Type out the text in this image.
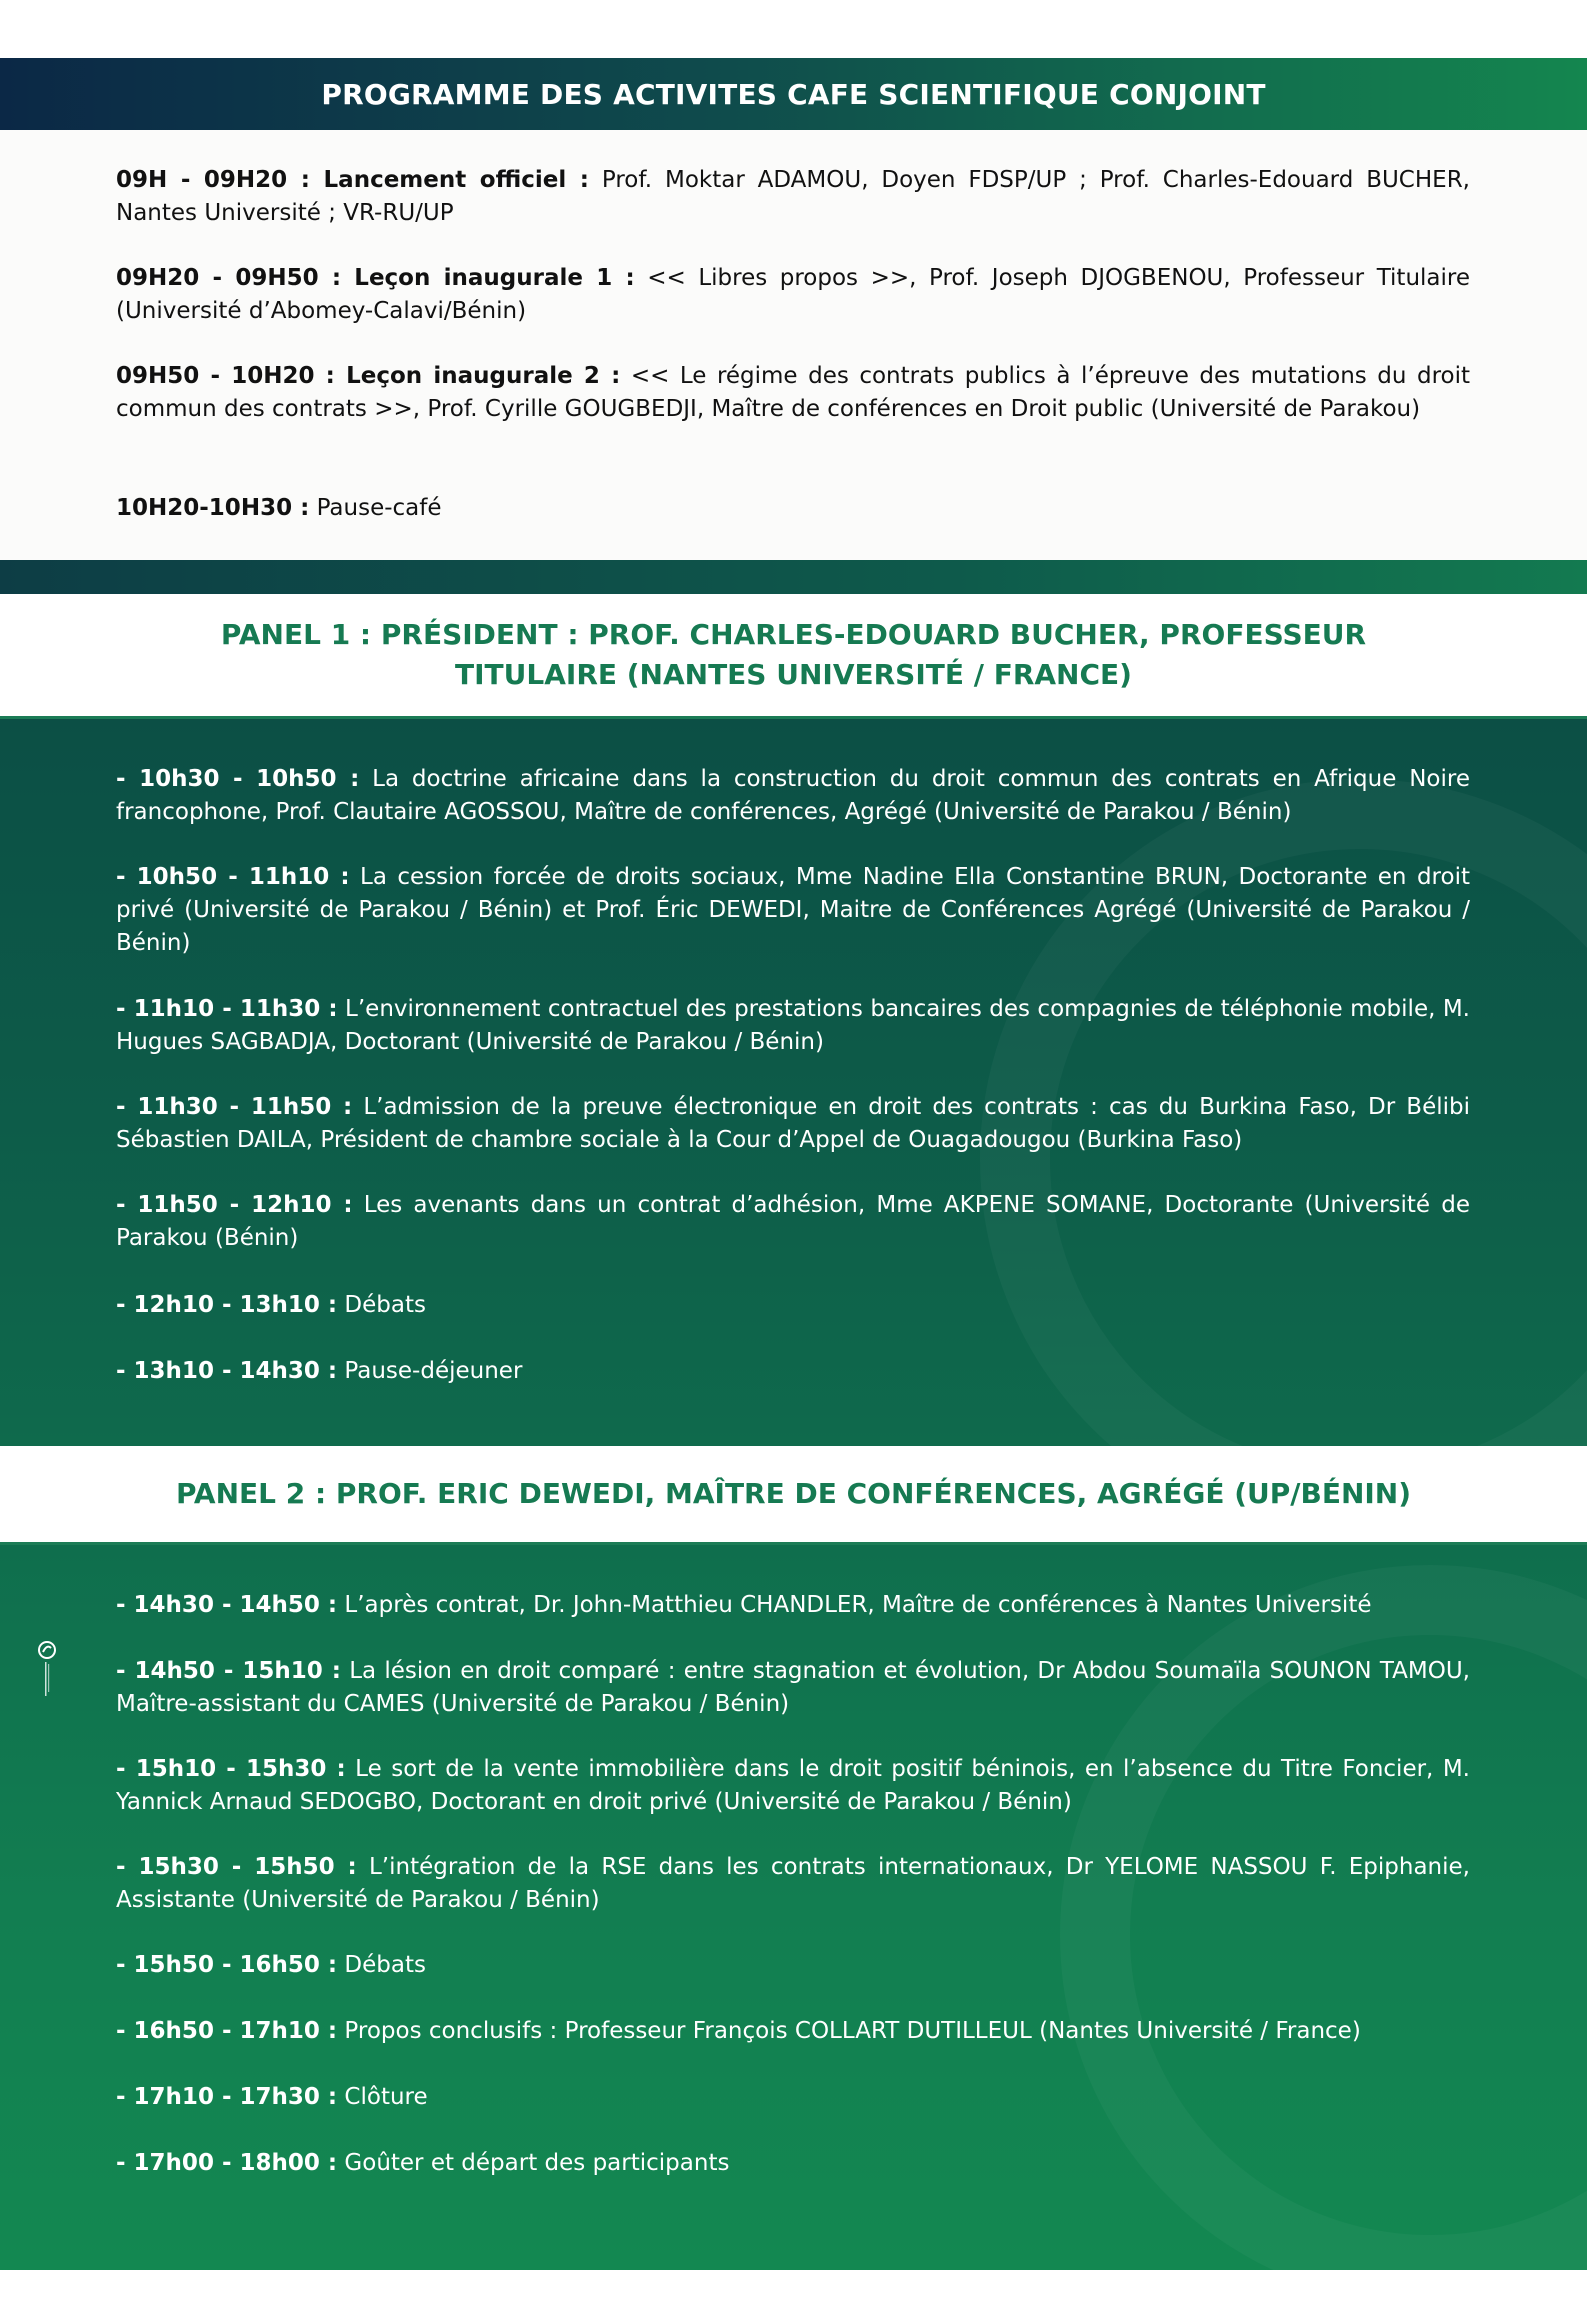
PROGRAMME DES ACTIVITES CAFE SCIENTIFIQUE CONJOINT
09H - 09H20 : Lancement officiel : Prof. Moktar ADAMOU, Doyen FDSP/UP ; Prof. Charles-Edouard BUCHER, Nantes Université ; VR-RU/UP
09H20 - 09H50 : Leçon inaugurale 1 : << Libres propos >>, Prof. Joseph DJOGBENOU, Professeur Titulaire (Université d’Abomey-Calavi/Bénin)
09H50 - 10H20 : Leçon inaugurale 2 : << Le régime des contrats publics à l’épreuve des mutations du droit commun des contrats >>, Prof. Cyrille GOUGBEDJI, Maître de conférences en Droit public (Université de Parakou)
10H20-10H30 : Pause-café
PANEL 1 : PRÉSIDENT : PROF. CHARLES-EDOUARD BUCHER, PROFESSEUR
TITULAIRE (NANTES UNIVERSITÉ / FRANCE)
- 10h30 - 10h50 : La doctrine africaine dans la construction du droit commun des contrats en Afrique Noire francophone, Prof. Clautaire AGOSSOU, Maître de conférences, Agrégé (Université de Parakou / Bénin)
- 10h50 - 11h10 : La cession forcée de droits sociaux, Mme Nadine Ella Constantine BRUN, Doctorante en droit privé (Université de Parakou / Bénin) et Prof. Éric DEWEDI, Maitre de Conférences Agrégé (Université de Parakou / Bénin)
- 11h10 - 11h30 : L’environnement contractuel des prestations bancaires des compagnies de téléphonie mobile, M. Hugues SAGBADJA, Doctorant (Université de Parakou / Bénin)
- 11h30 - 11h50 : L’admission de la preuve électronique en droit des contrats : cas du Burkina Faso, Dr Bélibi Sébastien DAILA, Président de chambre sociale à la Cour d’Appel de Ouagadougou (Burkina Faso)
- 11h50 - 12h10 : Les avenants dans un contrat d’adhésion, Mme AKPENE SOMANE, Doctorante (Université de Parakou (Bénin)
- 12h10 - 13h10 : Débats
- 13h10 - 14h30 : Pause-déjeuner
PANEL 2 : PROF. ERIC DEWEDI, MAÎTRE DE CONFÉRENCES, AGRÉGÉ (UP/BÉNIN)
- 14h30 - 14h50 : L’après contrat, Dr. John-Matthieu CHANDLER, Maître de conférences à Nantes Université
- 14h50 - 15h10 : La lésion en droit comparé : entre stagnation et évolution, Dr Abdou Soumaïla SOUNON TAMOU, Maître-assistant du CAMES (Université de Parakou / Bénin)
- 15h10 - 15h30 : Le sort de la vente immobilière dans le droit positif béninois, en l’absence du Titre Foncier, M. Yannick Arnaud SEDOGBO, Doctorant en droit privé (Université de Parakou / Bénin)
- 15h30 - 15h50 : L’intégration de la RSE dans les contrats internationaux, Dr YELOME NASSOU F. Epiphanie, Assistante (Université de Parakou / Bénin)
- 15h50 - 16h50 : Débats
- 16h50 - 17h10 : Propos conclusifs : Professeur François COLLART DUTILLEUL (Nantes Université / France)
- 17h10 - 17h30 : Clôture
- 17h00 - 18h00 : Goûter et départ des participants
